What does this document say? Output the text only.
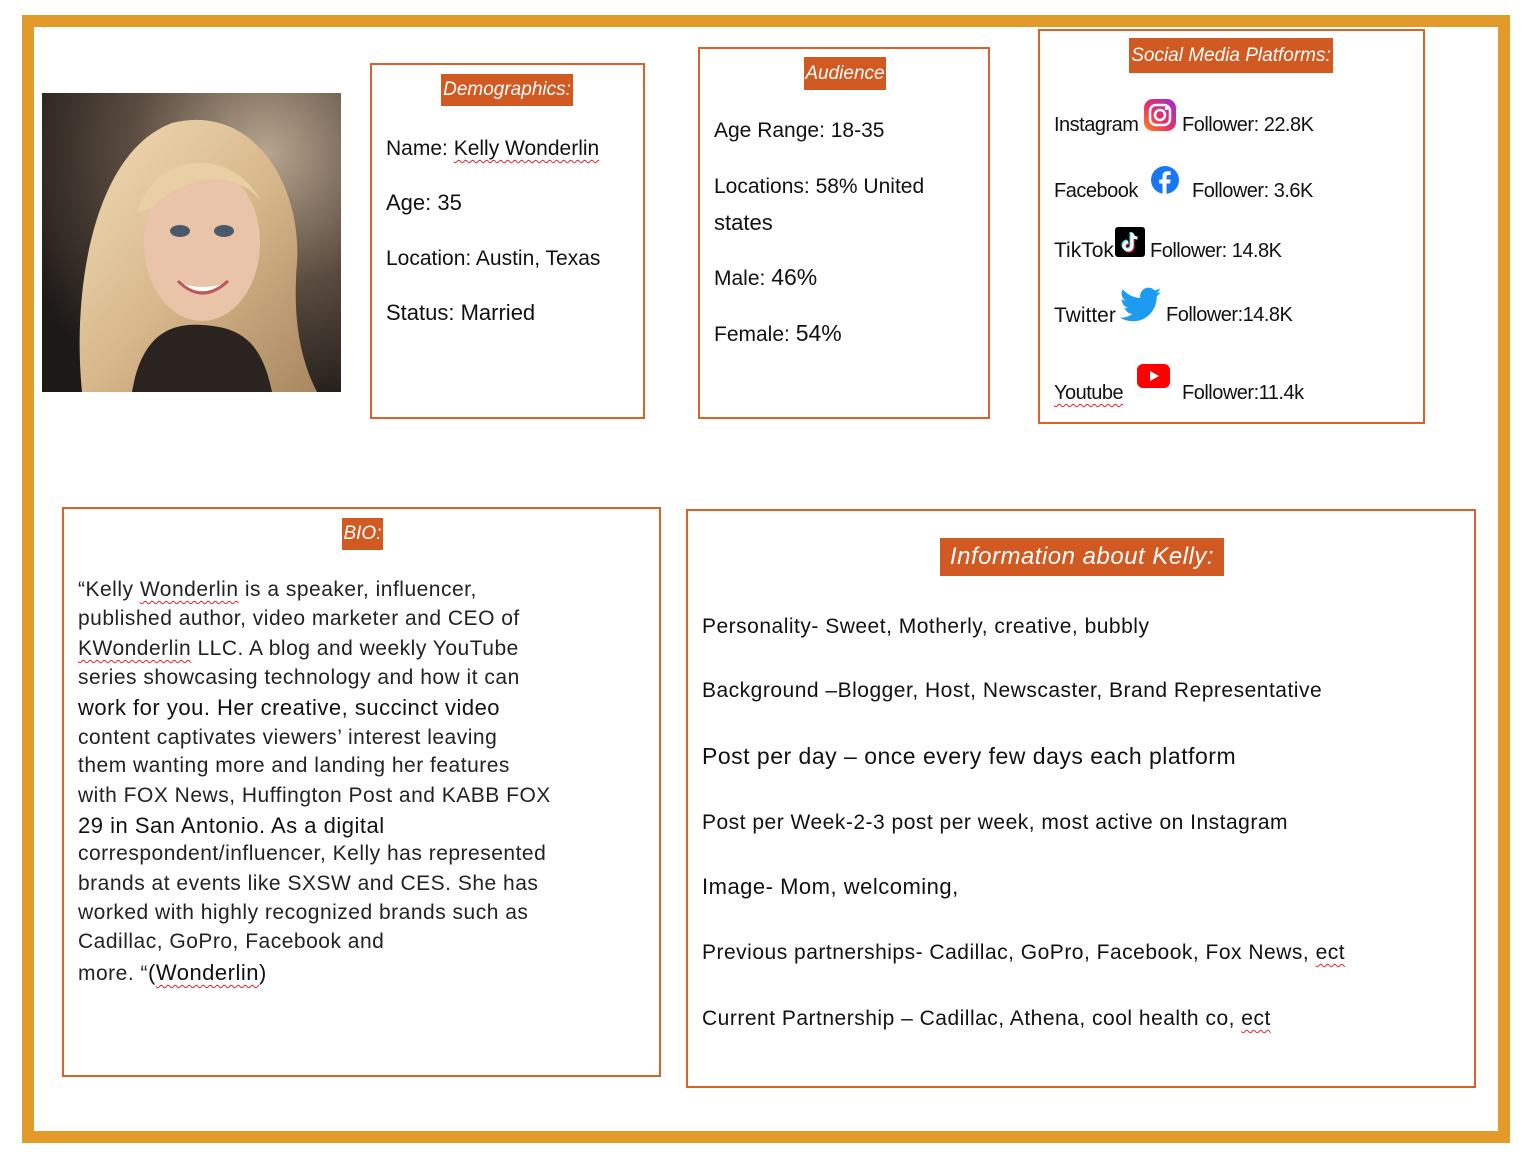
Demographics:
Name: Kelly Wonderlin
Age: 35
Location: Austin, Texas
Status: Married
Audience
Age Range: 18-35
Locations: 58% United
states
Male: 46%
Female: 54%
Social Media Platforms:
Instagram Follower: 22.8K
Facebook	Follower: 3.6K
TikTok Follower: 14.8K
Twitter	Follower:14.8K
Youtube	Follower:11.4k
BIO:
“Kelly Wonderlin is a speaker, influencer,
published author, video marketer and CEO of
KWonderlin LLC. A blog and weekly YouTube
series showcasing technology and how it can
work for you. Her creative, succinct video
content captivates viewers’ interest leaving
them wanting more and landing her features
with FOX News, Huffington Post and KABB FOX
29 in San Antonio. As a digital
correspondent/influencer, Kelly has represented
brands at events like SXSW and CES. She has
worked with highly recognized brands such as
Cadillac, GoPro, Facebook and
more. “(Wonderlin)
Information about Kelly:
Personality- Sweet, Motherly, creative, bubbly
Background –Blogger, Host, Newscaster, Brand Representative
Post per day – once every few days each platform
Post per Week-2-3 post per week, most active on Instagram
Image- Mom, welcoming,
Previous partnerships- Cadillac, GoPro, Facebook, Fox News, ect
Current Partnership – Cadillac, Athena, cool health co, ect
